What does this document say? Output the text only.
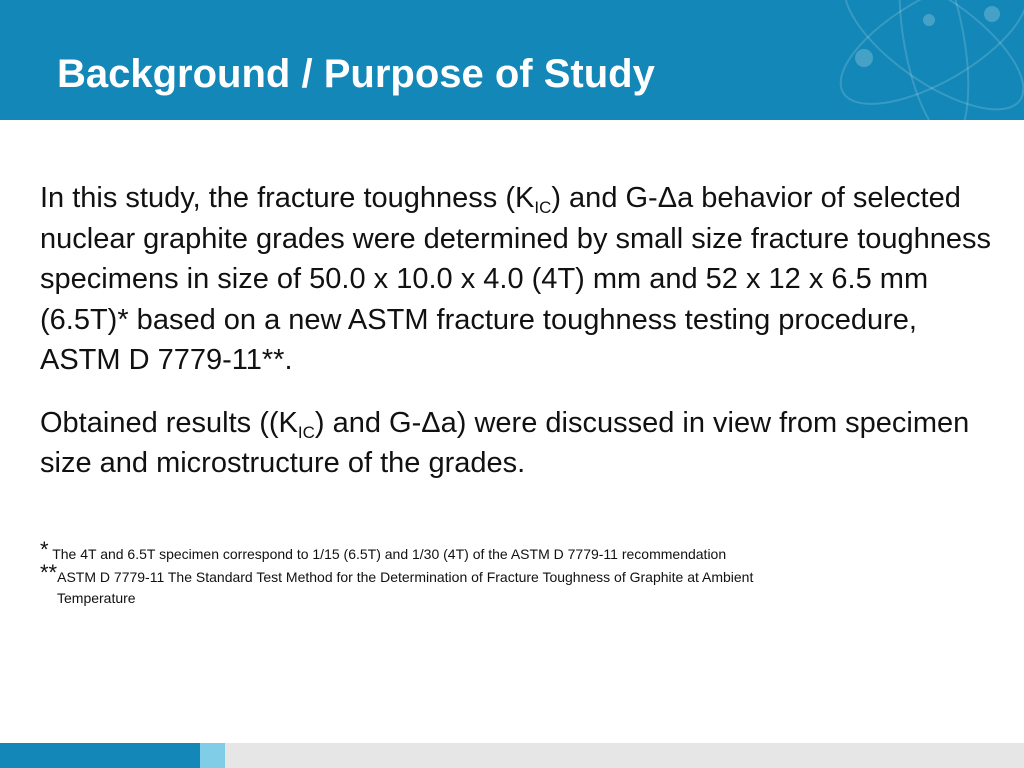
Background / Purpose of Study

In this study, the fracture toughness $(K_{IC})$ and G-Δa behavior of selected nuclear graphite grades were determined by small size fracture toughness specimens in size of 50.0 x 10.0 x 4.0 (4T) mm and 52 x 12 x 6.5 mm (6.5T)* based on a new ASTM fracture toughness testing procedure, ASTM D 7779-11**.

Obtained results ($(K_{IC})$ and G-Δa) were discussed in view from specimen size and microstructure of the grades.

* The 4T and 6.5T specimen correspond to 1/15 (6.5T) and 1/30 (4T) of the ASTM D 7779-11 recommendation

**ASTM D 7779-11 The Standard Test Method for the Determination of Fracture Toughness of Graphite at Ambient

Temperature
